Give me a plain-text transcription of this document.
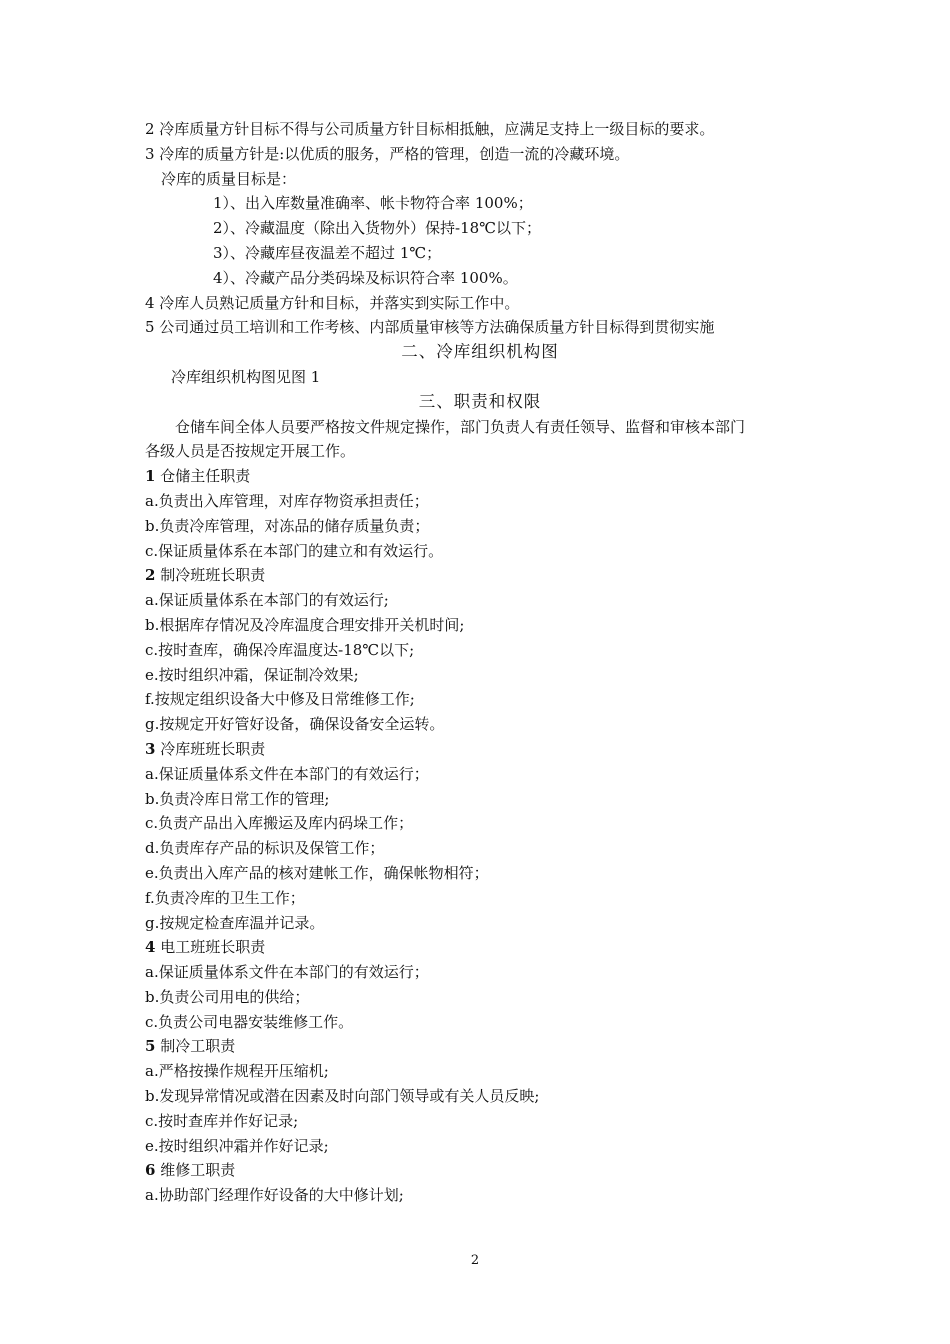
2 冷库质量方针目标不得与公司质量方针目标相抵触，应满足支持上一级目标的要求。
3 冷库的质量方针是:以优质的服务，严格的管理，创造一流的冷藏环境。
冷库的质量目标是：
1）、出入库数量准确率、帐卡物符合率 100%；
2）、冷藏温度（除出入货物外）保持-18℃以下；
3）、冷藏库昼夜温差不超过 1℃；
4）、冷藏产品分类码垛及标识符合率 100%。
4 冷库人员熟记质量方针和目标，并落实到实际工作中。
5 公司通过员工培训和工作考核、内部质量审核等方法确保质量方针目标得到贯彻实施
二、冷库组织机构图
冷库组织机构图见图 1
三、职责和权限
仓储车间全体人员要严格按文件规定操作，部门负责人有责任领导、监督和审核本部门
各级人员是否按规定开展工作。
1 仓储主任职责
a.负责出入库管理，对库存物资承担责任；
b.负责冷库管理，对冻品的储存质量负责；
c.保证质量体系在本部门的建立和有效运行。
2 制冷班班长职责
a.保证质量体系在本部门的有效运行;
b.根据库存情况及冷库温度合理安排开关机时间;
c.按时查库，确保冷库温度达-18℃以下;
e.按时组织冲霜，保证制冷效果;
f.按规定组织设备大中修及日常维修工作;
g.按规定开好管好设备，确保设备安全运转。
3 冷库班班长职责
a.保证质量体系文件在本部门的有效运行；
b.负责冷库日常工作的管理;
c.负责产品出入库搬运及库内码垛工作；
d.负责库存产品的标识及保管工作；
e.负责出入库产品的核对建帐工作，确保帐物相符；
f.负责冷库的卫生工作；
g.按规定检查库温并记录。
4 电工班班长职责
a.保证质量体系文件在本部门的有效运行；
b.负责公司用电的供给；
c.负责公司电器安装维修工作。
5 制冷工职责
a.严格按操作规程开压缩机;
b.发现异常情况或潜在因素及时向部门领导或有关人员反映;
c.按时查库并作好记录;
e.按时组织冲霜并作好记录;
6 维修工职责
a.协助部门经理作好设备的大中修计划;
2
